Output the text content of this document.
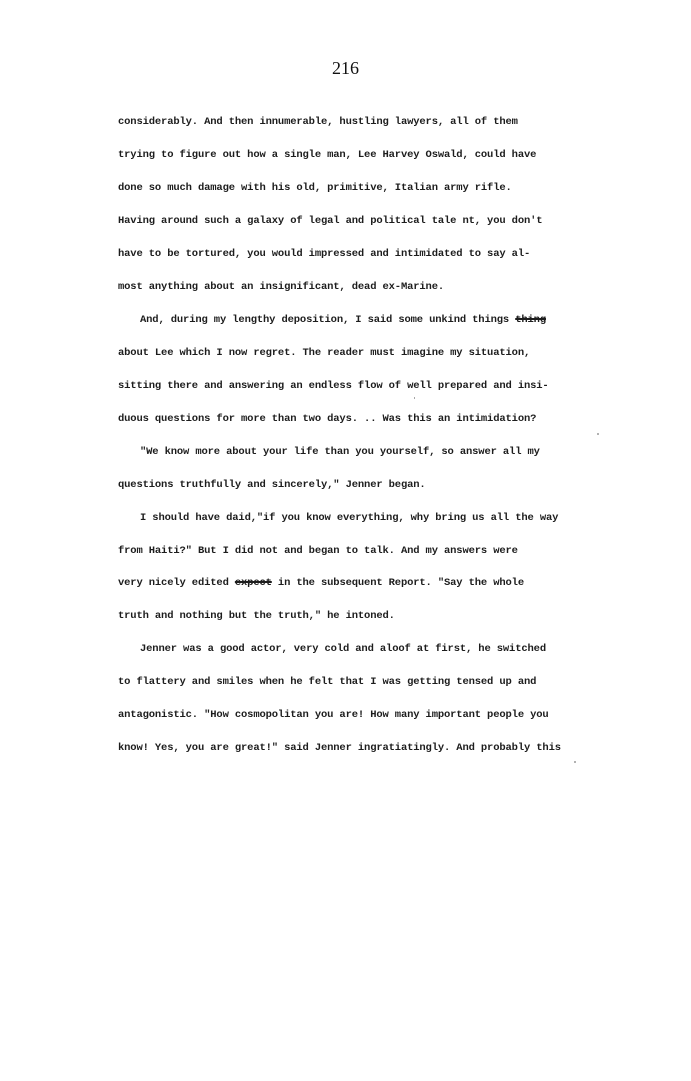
216
considerably. And then innumerable, hustling lawyers, all of them
trying to figure out how a single man, Lee Harvey Oswald, could have
done so much damage with his old, primitive, Italian army rifle.
Having around such a galaxy of legal and political tale nt, you don't
have to be tortured, you would impressed and intimidated to say al-
most anything about an insignificant, dead ex-Marine.
And, during my lengthy deposition, I said some unkind things thing
about Lee which I now regret. The reader must imagine my situation,
sitting there and answering an endless flow of well prepared and insi-
duous questions for more than two days. .. Was this an intimidation?
"We know more about your life than you yourself, so answer all my
questions truthfully and sincerely," Jenner began.
I should have daid,"if you know everything, why bring us all the way
from Haiti?" But I did not and began to talk. And my answers were
very nicely edited expect in the subsequent Report. "Say the whole
truth and nothing but the truth," he intoned.
Jenner was a good actor, very cold and aloof at first, he switched
to flattery and smiles when he felt that I was getting tensed up and
antagonistic. "How cosmopolitan you are! How many important people you
know! Yes, you are great!" said Jenner ingratiatingly. And probably this
